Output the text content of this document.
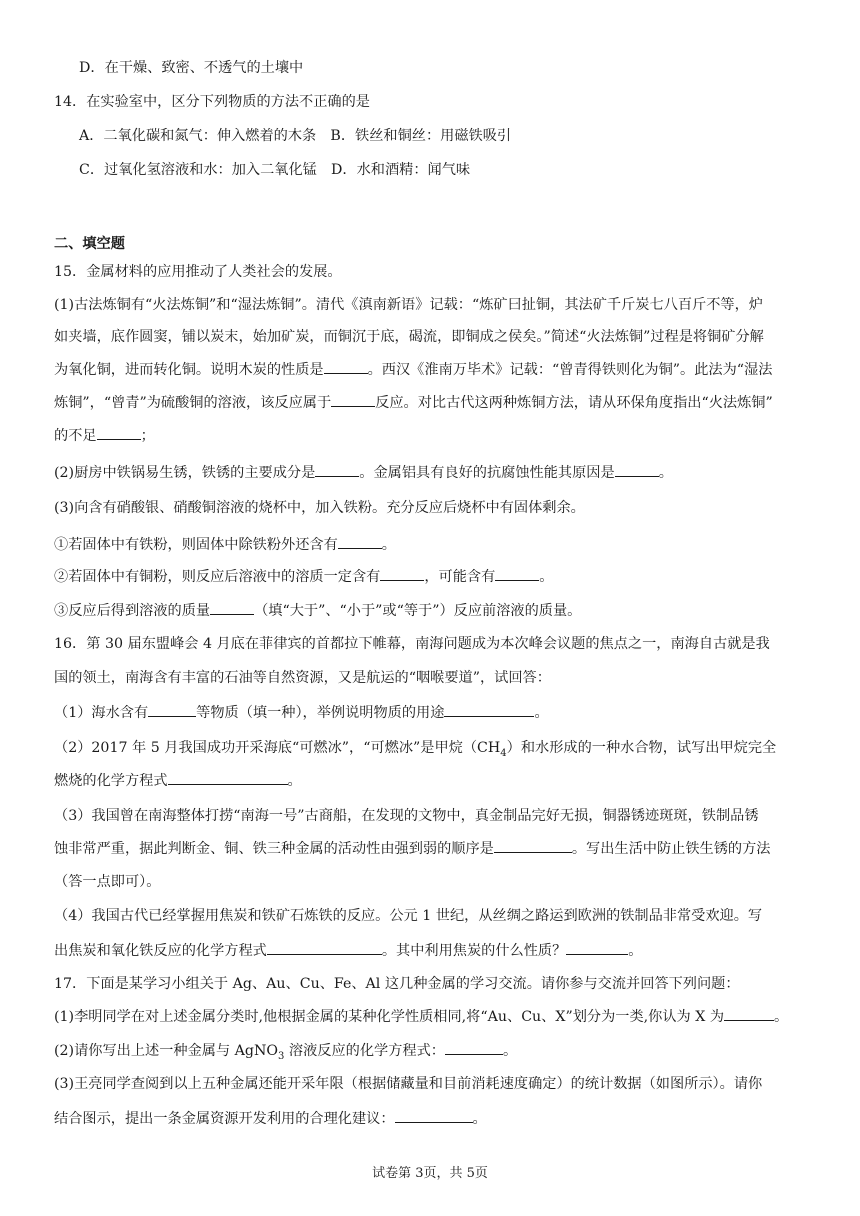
D．在干燥、致密、不透气的土壤中
14．在实验室中，区分下列物质的方法不正确的是
A．二氧化碳和氮气：伸入燃着的木条　B．铁丝和铜丝：用磁铁吸引
C．过氧化氢溶液和水：加入二氧化锰　D．水和酒精：闻气味
二、填空题
15．金属材料的应用推动了人类社会的发展。
(1)古法炼铜有“火法炼铜”和“湿法炼铜”。清代《滇南新语》记载：“炼矿曰扯铜，其法矿千斤炭七八百斤不等，炉
如夹墙，底作圆窦，铺以炭末，始加矿炭，而铜沉于底，碣流，即铜成之侯矣。”简述“火法炼铜”过程是将铜矿分解
为氧化铜，进而转化铜。说明木炭的性质是	。西汉《淮南万毕术》记载：“曾青得铁则化为铜”。此法为“湿法
炼铜”，“曾青”为硫酸铜的溶液，该反应属于	反应。对比古代这两种炼铜方法，请从环保角度指出“火法炼铜”
的不足	；
(2)厨房中铁锅易生锈，铁锈的主要成分是	。金属铝具有良好的抗腐蚀性能其原因是	。
(3)向含有硝酸银、硝酸铜溶液的烧杯中，加入铁粉。充分反应后烧杯中有固体剩余。
①若固体中有铁粉，则固体中除铁粉外还含有	。
②若固体中有铜粉，则反应后溶液中的溶质一定含有	，可能含有	。
③反应后得到溶液的质量	（填“大于”、“小于”或“等于”）反应前溶液的质量。
16．第 30 届东盟峰会 4 月底在菲律宾的首都拉下帷幕，南海问题成为本次峰会议题的焦点之一，南海自古就是我
国的领土，南海含有丰富的石油等自然资源，又是航运的“咽喉要道”，试回答：
（1）海水含有	等物质（填一种），举例说明物质的用途	。
（2）2017 年 5 月我国成功开采海底“可燃冰”，“可燃冰”是甲烷$(CH_4)$和水形成的一种水合物，试写出甲烷完全
燃烧的化学方程式	。
（3）我国曾在南海整体打捞“南海一号”古商船，在发现的文物中，真金制品完好无损，铜器锈迹斑斑，铁制品锈
蚀非常严重，据此判断金、铜、铁三种金属的活动性由强到弱的顺序是	。写出生活中防止铁生锈的方法
（答一点即可）。
（4）我国古代已经掌握用焦炭和铁矿石炼铁的反应。公元 1 世纪，从丝绸之路运到欧洲的铁制品非常受欢迎。写
出焦炭和氧化铁反应的化学方程式	。其中利用焦炭的什么性质？	。
17．下面是某学习小组关于 Ag、Au、Cu、Fe、Al 这几种金属的学习交流。请你参与交流并回答下列问题：
(1)李明同学在对上述金属分类时,他根据金属的某种化学性质相同,将“Au、Cu、X”划分为一类,你认为 X 为	。
(2)请你写出上述一种金属与 AgNO$_3$ 溶液反应的化学方程式：	。
(3)王亮同学查阅到以上五种金属还能开采年限（根据储藏量和目前消耗速度确定）的统计数据（如图所示）。请你
结合图示，提出一条金属资源开发利用的合理化建议：	。
试卷第 3页，共 5页
